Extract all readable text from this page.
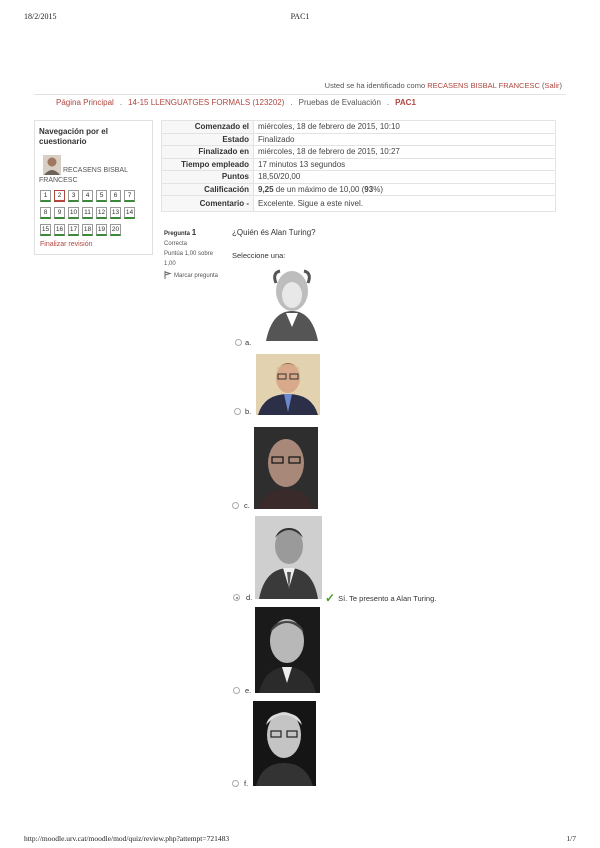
18/2/2015	PAC1
Usted se ha identificado como RECASENS BISBAL FRANCESC (Salir)
Página Principal . 14-15 LLENGUATGES FORMALS (123202) . Pruebas de Evaluación . PAC1
Navegación por el cuestionario
RECASENS BISBAL FRANCESC
1	2	3	4	5	6	7
8	9	10	11	12 13 14
15 16 17 18 19 20
Finalizar revisión
Comenzado el	miércoles, 18 de febrero de 2015, 10:10
Estado	Finalizado
Finalizado en	miércoles, 18 de febrero de 2015, 10:27
Tiempo empleado	17 minutos 13 segundos
Puntos	18,50/20,00
Calificación	9,25 de un máximo de 10,00 (93%)
Comentario -	Excelente. Sigue a este nivel.
Pregunta 1
Correcta
Puntúa 1,00 sobre 1,00
Marcar pregunta
¿Quién és Alan Turing?
Seleccione una:
a.
b.
c.
d.
e.
f.
✓ Sí. Te presento a Alan Turing.
http://moodle.urv.cat/moodle/mod/quiz/review.php?attempt=721483	1/7
